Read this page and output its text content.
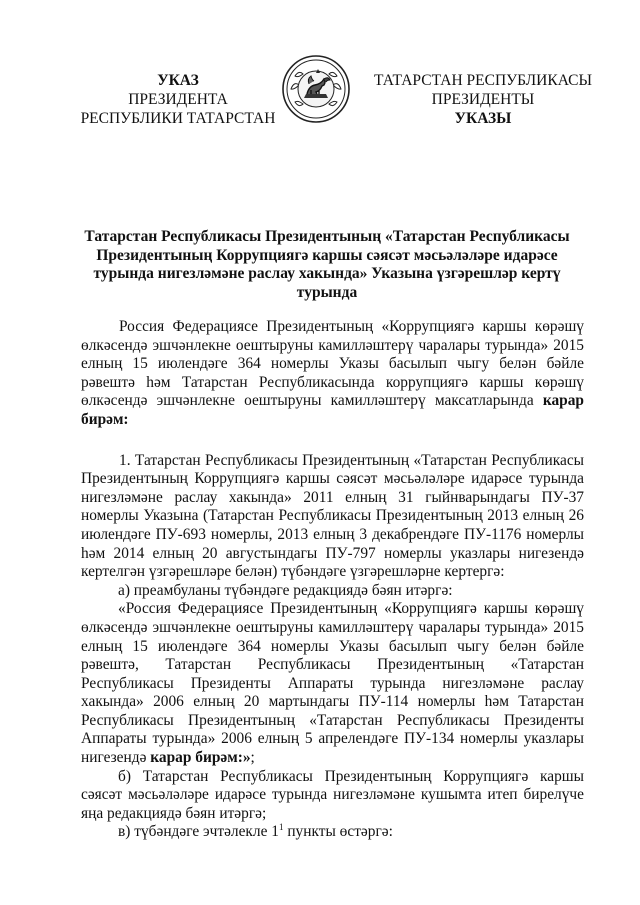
УКАЗ
ПРЕЗИДЕНТА
РЕСПУБЛИКИ ТАТАРСТАН
ТАТАРСТАН РЕСПУБЛИКАСЫ
ПРЕЗИДЕНТЫ
УКАЗЫ
Татарстан Республикасы Президентының «Татарстан Республикасы
Президентының Коррупциягә каршы сәясәт мәсьәләләре идарәсе
турында нигезләмәне раслау хакында» Указына үзгәрешләр кертү
турында

Россия Федерациясе Президентының «Коррупциягә каршы көрәшү өлкәсендә эшчәнлекне оештыруны камилләштерү чаралары турында» 2015 елның 15 июлендәге 364 номерлы Указы басылып чыгу белән бәйле рәвештә һәм Татарстан Республикасында коррупциягә каршы көрәшү өлкәсендә эшчәнлекне оештыруны камилләштерү максатларында карар бирәм:

1. Татарстан Республикасы Президентының «Татарстан Республикасы Президентының Коррупциягә каршы сәясәт мәсьәләләре идарәсе турында нигезләмәне раслау хакында» 2011 елның 31 гыйнварындагы ПУ-37 номерлы Указына (Татарстан Республикасы Президентының 2013 елның 26 июлендәге ПУ-693 номерлы, 2013 елның 3 декабрендәге ПУ-1176 номерлы һәм 2014 елның 20 августындагы ПУ-797 номерлы указлары нигезендә кертелгән үзгәрешләре белән) түбәндәге үзгәрешләрне кертергә:

а) преамбуланы түбәндәге редакциядә бәян итәргә:

«Россия Федерациясе Президентының «Коррупциягә каршы көрәшү өлкәсендә эшчәнлекне оештыруны камилләштерү чаралары турында» 2015 елның 15 июлендәге 364 номерлы Указы басылып чыгу белән бәйле рәвештә, Татарстан Республикасы Президентының «Татарстан Республикасы Президенты Аппараты турында нигезләмәне раслау хакында» 2006 елның 20 мартындагы ПУ-114 номерлы һәм Татарстан Республикасы Президентының «Татарстан Республикасы Президенты Аппараты турында» 2006 елның 5 апрелендәге ПУ-134 номерлы указлары нигезендә карар бирәм:»;

б) Татарстан Республикасы Президентының Коррупциягә каршы сәясәт мәсьәләләре идарәсе турында нигезләмәне кушымта итеп бирелүче яңа редакциядә бәян итәргә;

в) түбәндәге эчтәлекле $1^1$ пункты өстәргә:
